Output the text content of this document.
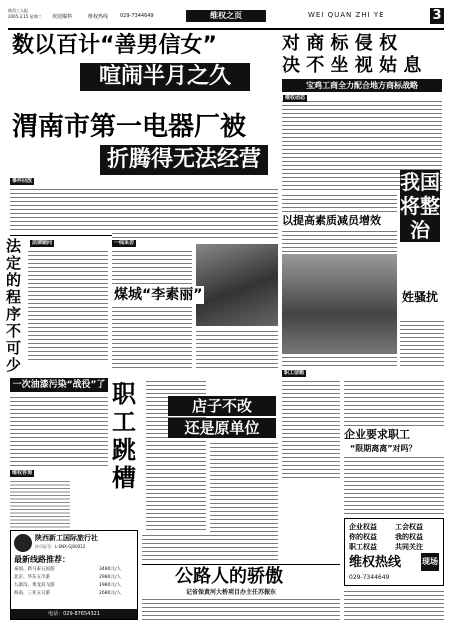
陕西工人报
2005.3.15 星期二	欢迎爆料	维权热线 029-7344649	维权之页	WEI QUAN ZHI YE	3
数以百计“善男信女”
喧闹半月之久
渭南市第一电器厂被
折腾得无法经营
对 商 标 侵 权
决 不 坐 视 姑 息
宝鸡工商全力配合地方商标战略
维权动态
事件回放
法律顾问
法定的程序不可少
一次油漆污染“战役”了
维权咨询
陕西新工国际旅行社
许可证号：L-SNX-GJ00012
最新线路推荐：
泰国、新马泰五国游	3480元/人
北京、华东五市游	2980元/人
九寨沟、黄龙双飞游	1980元/人
海南、三亚五日游	2680元/人
电话：029-87654321
一线采访
煤城“李素丽”
职工跳槽
店子不改
还是原单位
以提高素质减员增效
我国将整治
姓骚扰
职工信箱
企业要求职工
“限期离离”对吗？
企业权益	工会权益
你的权益	我的权益
职工权益	共同关注
维权热线	现场
029-7344649
公路人的骄傲
记省保黄河大桥项目办主任苏振东
